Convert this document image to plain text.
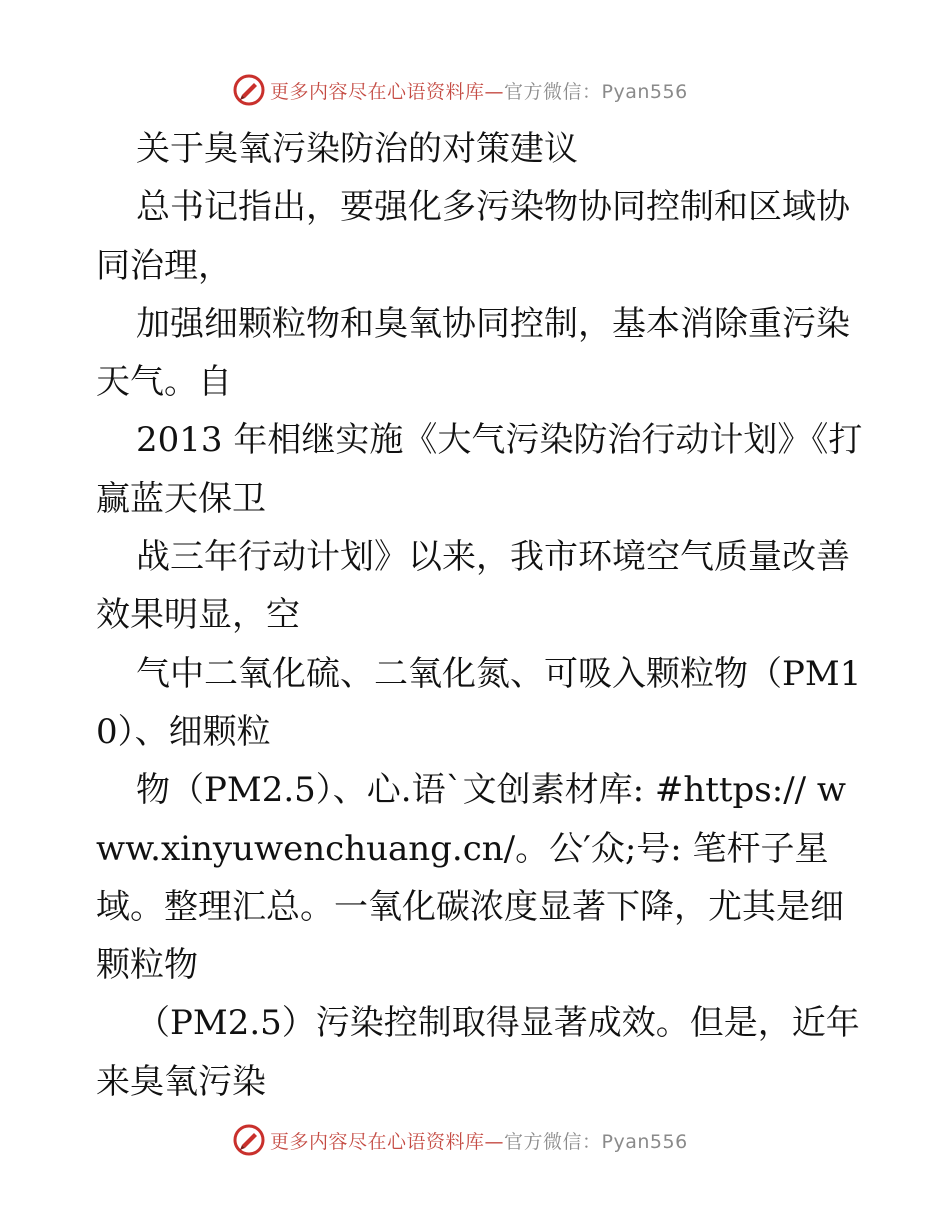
更多内容尽在心语资料库—官方微信：Pyan556

关于臭氧污染防治的对策建议

总书记指出，要强化多污染物协同控制和区域协同治理，

加强细颗粒物和臭氧协同控制，基本消除重污染天气。自

2013 年相继实施《大气污染防治行动计划》《打赢蓝天保卫

战三年行动计划》以来，我市环境空气质量改善效果明显，空

气中二氧化硫、二氧化氮、可吸入颗粒物（PM10）、细颗粒

物（PM2.5）、心.语`文创素材库: #https:// www.xinyuwenchuang.cn/。公′众;号: 笔杆子星域。整理汇总。一氧化碳浓度显著下降，尤其是细颗粒物

（PM2.5）污染控制取得显著成效。但是，近年来臭氧污染

更多内容尽在心语资料库—官方微信：Pyan556
